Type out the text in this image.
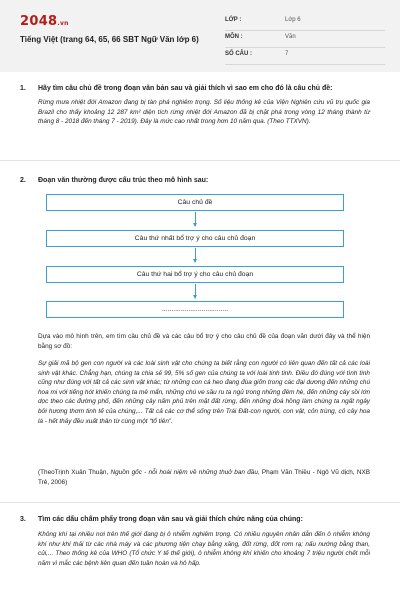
2048.vn
Tiếng Việt (trang 64, 65, 66 SBT Ngữ Văn lớp 6)
LỚP :	Lớp 6
MÔN :	Văn
SỐ CÂU :	7
1. Hãy tìm câu chủ đề trong đoạn văn bản sau và giải thích vì sao em cho đó là câu chủ đề:
Rừng mưa nhiệt đới Amazon đang bị tàn phá nghiêm trọng. Số liệu thống kê của Viện Nghiên cứu vũ trụ quốc gia Brazil cho thấy khoảng 12 287 km² diện tích rừng nhiệt đới Amazon đã bị chặt phá trong vòng 12 tháng thành từ tháng 8 - 2018 đến tháng 7 - 2019). Đây là mức cao nhất trong hơn 10 năm qua. (Theo TTXVN).
2. Đoạn văn thường được cấu trúc theo mô hình sau:
Câu chủ đề
Câu thứ nhất bổ trợ ý cho câu chủ đoạn
Câu thứ hai bổ trợ ý cho câu chủ đoạn
...................................
Dựa vào mô hình trên, em tìm câu chủ đề và các câu bổ trợ ý cho câu chủ đề của đoạn văn dưới đây và thể hiện bằng sơ đồ:
Sự giải mã bộ gen con người và các loài sinh vật cho chúng ta biết rằng con người có liên quan đến tất cả các loài sinh vật khác. Chẳng hạn, chúng ta chia sẻ 99, 5% số gen của chúng ta với loài tinh tinh. Điều đó đúng với tình tình cũng như đúng với tất cả các sinh vật khác; từ những con cá heo đang đùa giỡn trong các đại dương đến những chú hoa mi với tiếng hót khiến chúng ta mê mẩn, những chú ve sầu ru ta ngủ trong những đêm hè, đến những cây sồi lớn dọc theo các đường phố, đến những cây nấm phủ trên mặt đất rừng, đến những đoá hồng làm chúng ta ngất ngây bởi hương thơm tinh tế của chúng,... Tất cả các cơ thể sống trên Trái Đất-con người, con vật, cỏn trùng, cỏ cây hoa lá - hết thảy đều xuất thân từ cùng một “tổ tiên”.
(TheoTrịnh Xuân Thuận, Nguồn gốc - nỗi hoài niệm về những thuở ban đầu, Phạm Văn Thiều - Ngô Vũ dịch, NXB Trẻ, 2006)
3. Tìm các dấu chấm phẩy trong đoạn văn sau và giải thích chức năng của chúng:
Không khí tại nhiều nơi trên thế giới đang bị ô nhiễm nghiêm trọng. Có nhiều nguyên nhân dẫn đến ô nhiễm không khí như khí thải từ các nhà máy và các phương tiện chạy bằng xăng, đốt rừng, đốt rơm rạ; nấu nướng bằng than, củi,... Theo thống kê của WHO (Tổ chức Y tế thế giới), ô nhiễm không khí khiến cho khoảng 7 triệu người chết mỗi năm vì mắc các bệnh liên quan đến tuần hoàn và hô hấp.
